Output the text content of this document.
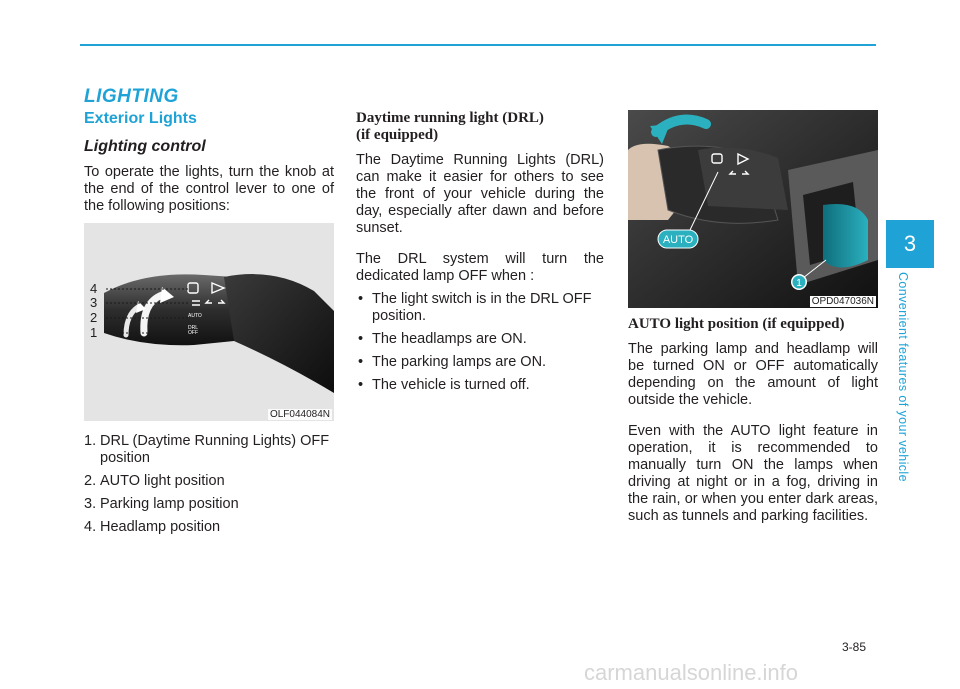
LIGHTING
Exterior Lights
Lighting control

To operate the lights, turn the knob at the end of the control lever to one of the following positions:

AUTO
DRL
OFF
4
3
2
1
OLF044084N
1. DRL (Daytime Running Lights) OFF position
2. AUTO light position
3. Parking lamp position
4. Headlamp position
Daytime running light (DRL)
(if equipped)

The Daytime Running Lights (DRL) can make it easier for others to see the front of your vehicle during the day, especially after dawn and before sunset.

The DRL system will turn the dedicated lamp OFF when :

• The light switch is in the DRL OFF position.
• The headlamps are ON.
• The parking lamps are ON.
• The vehicle is turned off.
AUTO
1
OPD047036N
AUTO light position (if equipped)

The parking lamp and headlamp will be turned ON or OFF automatically depending on the amount of light outside the vehicle.

Even with the AUTO light feature in operation, it is recommended to manually turn ON the lamps when driving at night or in a fog, driving in the rain, or when you enter dark areas, such as tunnels and parking facilities.

3
Convenient features of your vehicle
3-85
carmanualsonline.info
